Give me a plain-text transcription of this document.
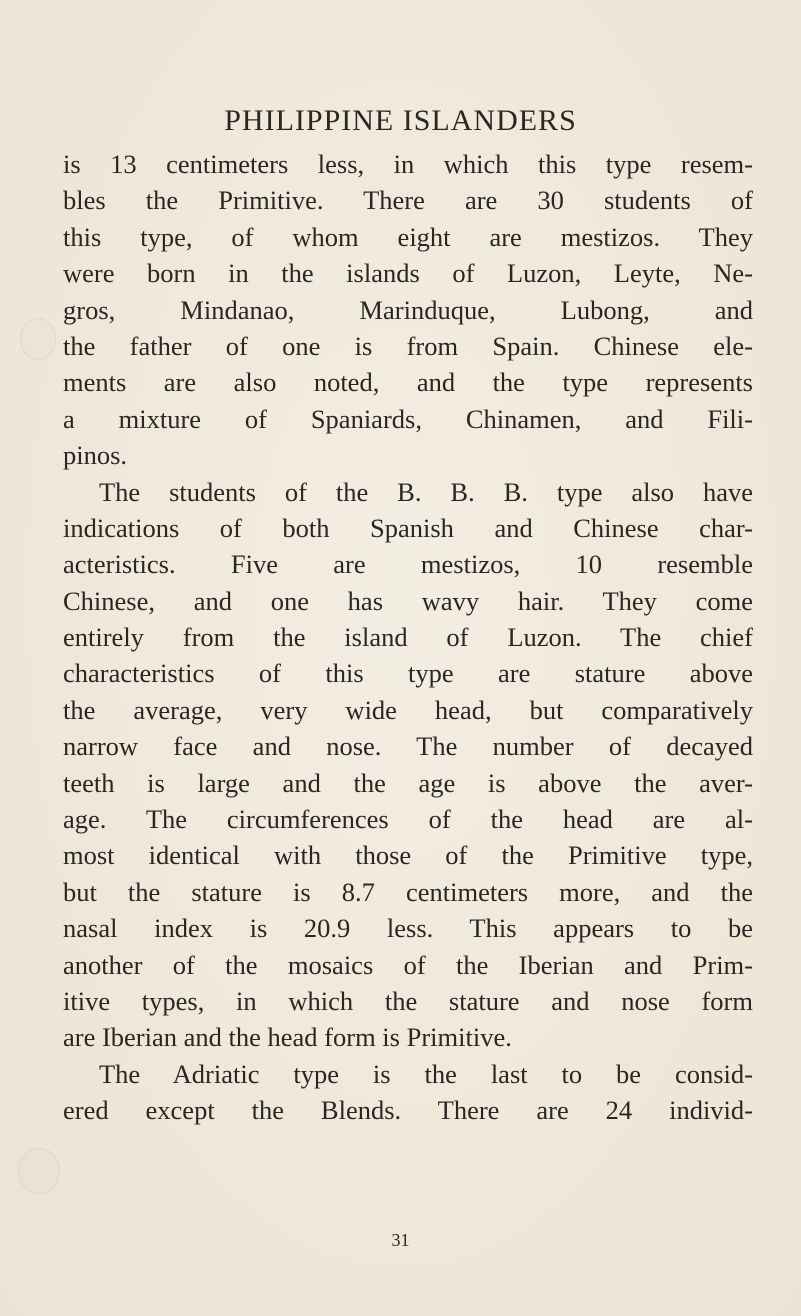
PHILIPPINE ISLANDERS
is 13 centimeters less, in which this type resem-
bles the Primitive. There are 30 students of
this type, of whom eight are mestizos. They
were born in the islands of Luzon, Leyte, Ne-
gros, Mindanao, Marinduque, Lubong, and
the father of one is from Spain. Chinese ele-
ments are also noted, and the type represents
a mixture of Spaniards, Chinamen, and Fili-
pinos.
The students of the B. B. B. type also have
indications of both Spanish and Chinese char-
acteristics. Five are mestizos, 10 resemble
Chinese, and one has wavy hair. They come
entirely from the island of Luzon. The chief
characteristics of this type are stature above
the average, very wide head, but comparatively
narrow face and nose. The number of decayed
teeth is large and the age is above the aver-
age. The circumferences of the head are al-
most identical with those of the Primitive type,
but the stature is 8.7 centimeters more, and the
nasal index is 20.9 less. This appears to be
another of the mosaics of the Iberian and Prim-
itive types, in which the stature and nose form
are Iberian and the head form is Primitive.
The Adriatic type is the last to be consid-
ered except the Blends. There are 24 individ-
31
